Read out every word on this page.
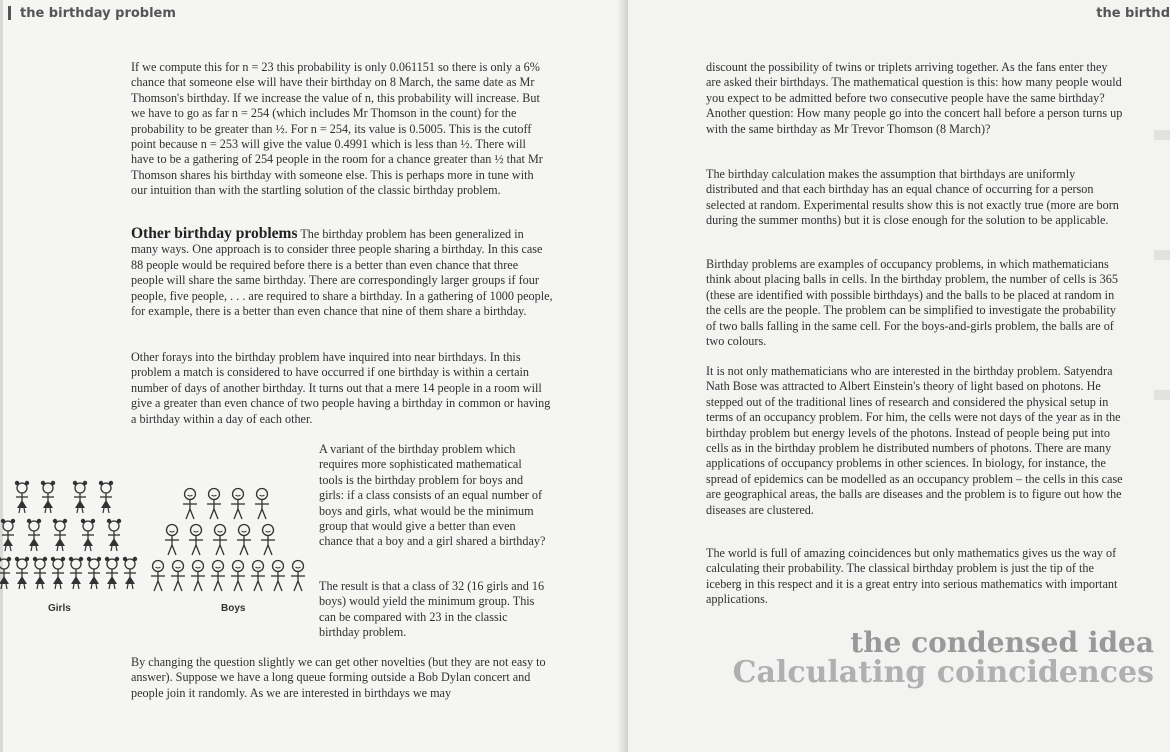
the birthday problem

If we compute this for n = 23 this probability is only 0.061151 so there is only a 6% chance that someone else will have their birthday on 8 March, the same date as Mr Thomson's birthday. If we increase the value of n, this probability will increase. But we have to go as far n = 254 (which includes Mr Thomson in the count) for the probability to be greater than ½. For n = 254, its value is 0.5005. This is the cutoff point because n = 253 will give the value 0.4991 which is less than ½. There will have to be a gathering of 254 people in the room for a chance greater than ½ that Mr Thomson shares his birthday with someone else. This is perhaps more in tune with our intuition than with the startling solution of the classic birthday problem.

Other birthday problems The birthday problem has been generalized in many ways. One approach is to consider three people sharing a birthday. In this case 88 people would be required before there is a better than even chance that three people will share the same birthday. There are correspondingly larger groups if four people, five people, . . . are required to share a birthday. In a gathering of 1000 people, for example, there is a better than even chance that nine of them share a birthday.

Other forays into the birthday problem have inquired into near birthdays. In this problem a match is considered to have occurred if one birthday is within a certain number of days of another birthday. It turns out that a mere 14 people in a room will give a greater than even chance of two people having a birthday in common or having a birthday within a day of each other.

A variant of the birthday problem which requires more sophisticated mathematical tools is the birthday problem for boys and girls: if a class consists of an equal number of boys and girls, what would be the minimum group that would give a better than even chance that a boy and a girl shared a birthday?

The result is that a class of 32 (16 girls and 16 boys) would yield the minimum group. This can be compared with 23 in the classic birthday problem.

By changing the question slightly we can get other novelties (but they are not easy to answer). Suppose we have a long queue forming outside a Bob Dylan concert and people join it randomly. As we are interested in birthdays we may

Girls	Boys
the birthd

discount the possibility of twins or triplets arriving together. As the fans enter they are asked their birthdays. The mathematical question is this: how many people would you expect to be admitted before two consecutive people have the same birthday? Another question: How many people go into the concert hall before a person turns up with the same birthday as Mr Trevor Thomson (8 March)?

The birthday calculation makes the assumption that birthdays are uniformly distributed and that each birthday has an equal chance of occurring for a person selected at random. Experimental results show this is not exactly true (more are born during the summer months) but it is close enough for the solution to be applicable.

Birthday problems are examples of occupancy problems, in which mathematicians think about placing balls in cells. In the birthday problem, the number of cells is 365 (these are identified with possible birthdays) and the balls to be placed at random in the cells are the people. The problem can be simplified to investigate the probability of two balls falling in the same cell. For the boys-and-girls problem, the balls are of two colours.

It is not only mathematicians who are interested in the birthday problem. Satyendra Nath Bose was attracted to Albert Einstein's theory of light based on photons. He stepped out of the traditional lines of research and considered the physical setup in terms of an occupancy problem. For him, the cells were not days of the year as in the birthday problem but energy levels of the photons. Instead of people being put into cells as in the birthday problem he distributed numbers of photons. There are many applications of occupancy problems in other sciences. In biology, for instance, the spread of epidemics can be modelled as an occupancy problem – the cells in this case are geographical areas, the balls are diseases and the problem is to figure out how the diseases are clustered.

The world is full of amazing coincidences but only mathematics gives us the way of calculating their probability. The classical birthday problem is just the tip of the iceberg in this respect and it is a great entry into serious mathematics with important applications.

the condensed idea
Calculating coincidences
